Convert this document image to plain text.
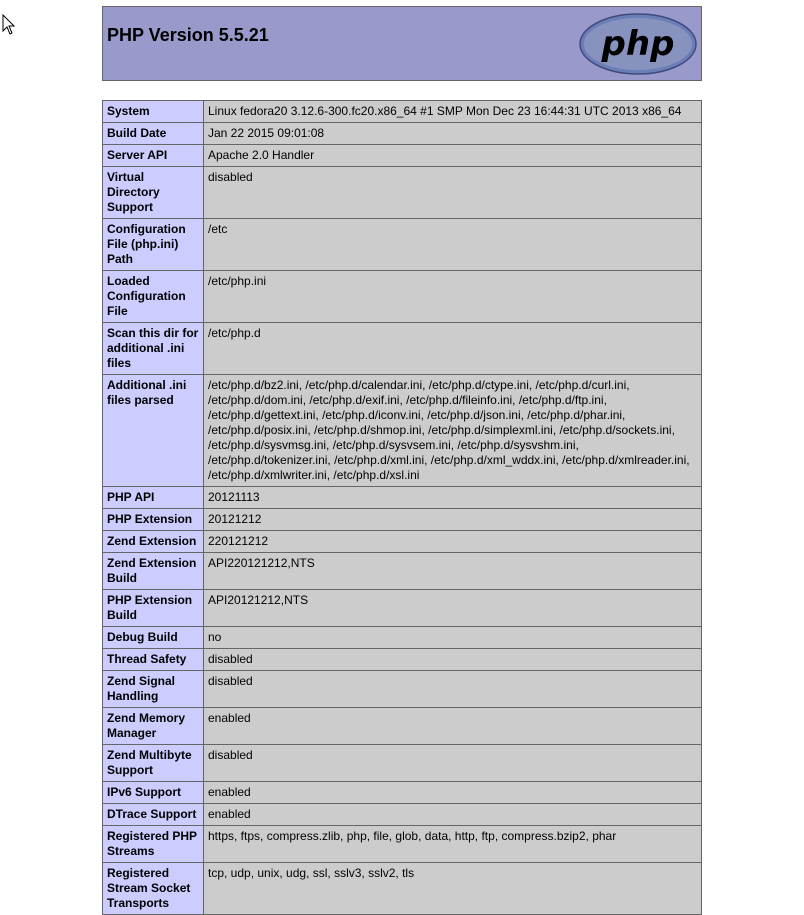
PHP Version 5.5.21	php
System	Linux fedora20 3.12.6-300.fc20.x86_64 #1 SMP Mon Dec 23 16:44:31 UTC 2013 x86_64
Build Date	Jan 22 2015 09:01:08
Server API	Apache 2.0 Handler
Virtual Directory Support	disabled
Configuration File (php.ini) Path	/etc
Loaded Configuration File	/etc/php.ini
Scan this dir for additional .ini files	/etc/php.d
Additional .ini files parsed	/etc/php.d/bz2.ini, /etc/php.d/calendar.ini, /etc/php.d/ctype.ini, /etc/php.d/curl.ini, /etc/php.d/dom.ini, /etc/php.d/exif.ini, /etc/php.d/fileinfo.ini, /etc/php.d/ftp.ini, /etc/php.d/gettext.ini, /etc/php.d/iconv.ini, /etc/php.d/json.ini, /etc/php.d/phar.ini, /etc/php.d/posix.ini, /etc/php.d/shmop.ini, /etc/php.d/simplexml.ini, /etc/php.d/sockets.ini, /etc/php.d/sysvmsg.ini, /etc/php.d/sysvsem.ini, /etc/php.d/sysvshm.ini, /etc/php.d/tokenizer.ini, /etc/php.d/xml.ini, /etc/php.d/xml_wddx.ini, /etc/php.d/xmlreader.ini, /etc/php.d/xmlwriter.ini, /etc/php.d/xsl.ini
PHP API	20121113
PHP Extension	20121212
Zend Extension	220121212
Zend Extension Build	API220121212,NTS
PHP Extension Build	API20121212,NTS
Debug Build	no
Thread Safety	disabled
Zend Signal Handling	disabled
Zend Memory Manager	enabled
Zend Multibyte Support	disabled
IPv6 Support	enabled
DTrace Support	enabled
Registered PHP Streams	https, ftps, compress.zlib, php, file, glob, data, http, ftp, compress.bzip2, phar
Registered Stream Socket Transports	tcp, udp, unix, udg, ssl, sslv3, sslv2, tls
